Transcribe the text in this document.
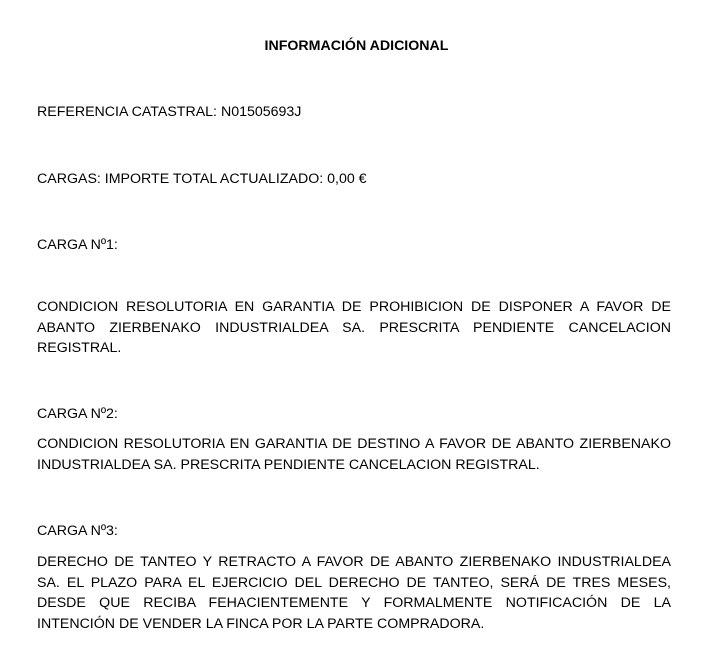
INFORMACIÓN ADICIONAL

REFERENCIA CATASTRAL: N01505693J

CARGAS: IMPORTE TOTAL ACTUALIZADO: 0,00 €

CARGA Nº1:

CONDICION RESOLUTORIA EN GARANTIA DE PROHIBICION DE DISPONER A FAVOR DE ABANTO ZIERBENAKO INDUSTRIALDEA SA. PRESCRITA PENDIENTE CANCELACION REGISTRAL.

CARGA Nº2:

CONDICION RESOLUTORIA EN GARANTIA DE DESTINO A FAVOR DE ABANTO ZIERBENAKO INDUSTRIALDEA SA. PRESCRITA PENDIENTE CANCELACION REGISTRAL.

CARGA Nº3:

DERECHO DE TANTEO Y RETRACTO A FAVOR DE ABANTO ZIERBENAKO INDUSTRIALDEA SA. EL PLAZO PARA EL EJERCICIO DEL DERECHO DE TANTEO, SERÁ DE TRES MESES, DESDE QUE RECIBA FEHACIENTEMENTE Y FORMALMENTE NOTIFICACIÓN DE LA INTENCIÓN DE VENDER LA FINCA POR LA PARTE COMPRADORA.
